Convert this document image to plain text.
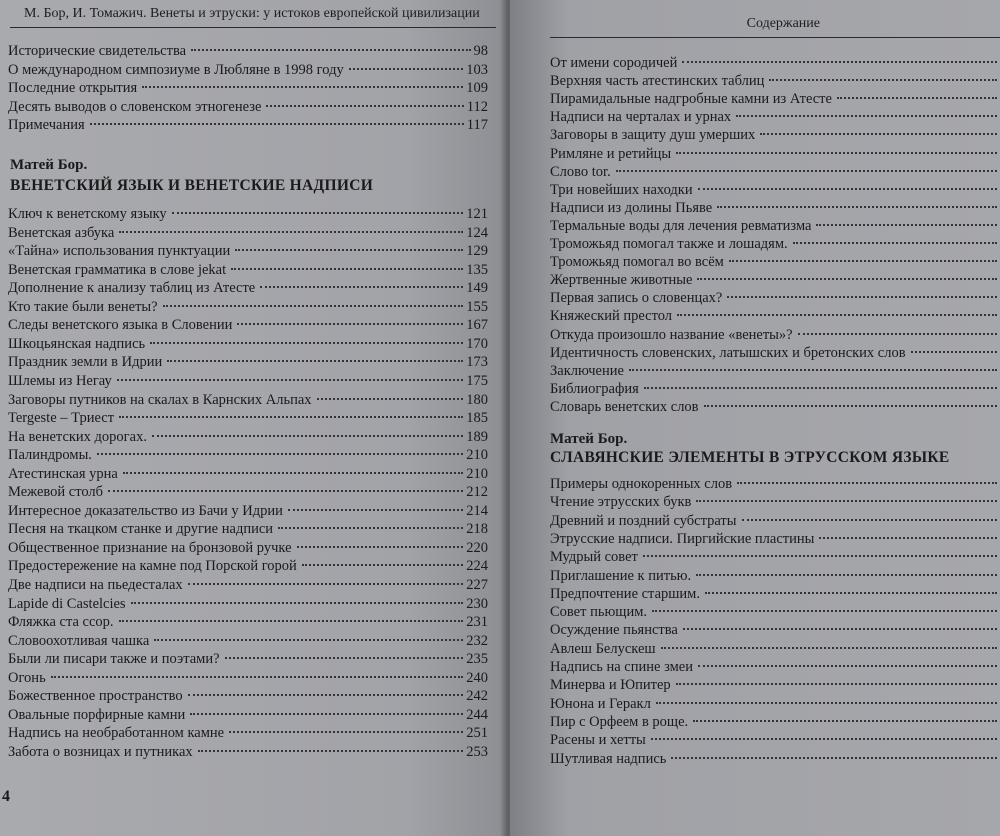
М. Бор, И. Томажич. Венеты и этруски: у истоков европейской цивилизации
Исторические свидетельства	98
О международном симпозиуме в Любляне в 1998 году	103
Последние открытия	109
Десять выводов о словенском этногенезе	112
Примечания	117
Матей Бор.
ВЕНЕТСКИЙ ЯЗЫК И ВЕНЕТСКИЕ НАДПИСИ
Ключ к венетскому языку	121
Венетская азбука	124
«Тайна» использования пунктуации	129
Венетская грамматика в слове jekat	135
Дополнение к анализу таблиц из Атесте	149
Кто такие были венеты?	155
Следы венетского языка в Словении	167
Шкоцьянская надпись	170
Праздник земли в Идрии	173
Шлемы из Негау	175
Заговоры путников на скалах в Карнских Альпах	180
Tergeste – Триест	185
На венетских дорогах.	189
Палиндромы.	210
Атестинская урна	210
Межевой столб	212
Интересное доказательство из Бачи у Идрии	214
Песня на ткацком станке и другие надписи	218
Общественное признание на бронзовой ручке	220
Предостережение на камне под Порской горой	224
Две надписи на пьедесталах	227
Lapide di Castelcies	230
Фляжка ста ссор.	231
Словоохотливая чашка	232
Были ли писари также и поэтами?	235
Огонь	240
Божественное пространство	242
Овальные порфирные камни	244
Надпись на необработанном камне	251
Забота о возницах и путниках	253
4
Содержание
От имени сородичей
Верхняя часть атестинских таблиц
Пирамидальные надгробные камни из Атесте
Надписи на черталах и урнах
Заговоры в защиту душ умерших
Римляне и ретийцы
Слово tor.
Три новейших находки
Надписи из долины Пьяве
Термальные воды для лечения ревматизма
Троможьяд помогал также и лошадям.
Троможьяд помогал во всём
Жертвенные животные
Первая запись о словенцах?
Княжеский престол
Откуда произошло название «венеты»?
Идентичность словенских, латышских и бретонских слов
Заключение
Библиография
Словарь венетских слов
Матей Бор.
СЛАВЯНСКИЕ ЭЛЕМЕНТЫ В ЭТРУССКОМ ЯЗЫКЕ
Примеры однокоренных слов
Чтение этрусских букв
Древний и поздний субстраты
Этрусские надписи. Пиргийские пластины
Мудрый совет
Приглашение к питью.
Предпочтение старшим.
Совет пьющим.
Осуждение пьянства
Авлеш Белускеш
Надпись на спине змеи
Минерва и Юпитер
Юнона и Геракл
Пир с Орфеем в роще.
Расены и хетты
Шутливая надпись
